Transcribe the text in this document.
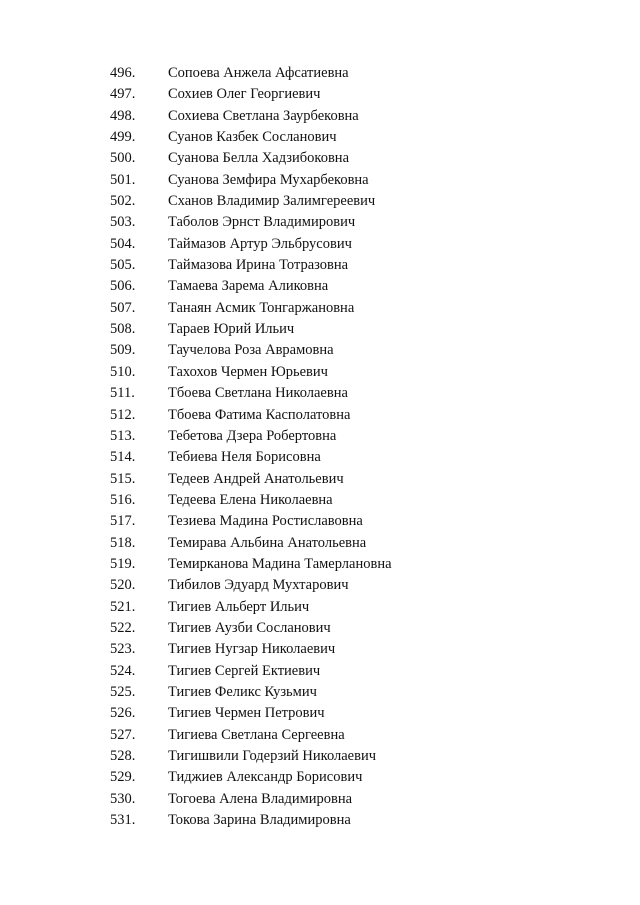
496.	Сопоева Анжела Афсатиевна
497.	Сохиев Олег Георгиевич
498.	Сохиева Светлана Заурбековна
499.	Суанов Казбек Сосланович
500.	Суанова Белла Хадзибоковна
501.	Суанова Земфира Мухарбековна
502.	Сханов Владимир Залимгереевич
503.	Таболов Эрнст Владимирович
504.	Таймазов Артур Эльбрусович
505.	Таймазова Ирина Тотразовна
506.	Тамаева Зарема Аликовна
507.	Танаян Асмик Тонгаржановна
508.	Тараев Юрий Ильич
509.	Таучелова Роза Аврамовна
510.	Тахохов Чермен Юрьевич
511.	Тбоева Светлана Николаевна
512.	Тбоева Фатима Касполатовна
513.	Тебетова Дзера Робертовна
514.	Тебиева Неля Борисовна
515.	Тедеев Андрей Анатольевич
516.	Тедеева Елена Николаевна
517.	Тезиева Мадина Ростиславовна
518.	Темирава Альбина Анатольевна
519.	Темирканова Мадина Тамерлановна
520.	Тибилов Эдуард Мухтарович
521.	Тигиев Альберт Ильич
522.	Тигиев Аузби Сосланович
523.	Тигиев Нугзар Николаевич
524.	Тигиев Сергей Ектиевич
525.	Тигиев Феликс Кузьмич
526.	Тигиев Чермен Петрович
527.	Тигиева Светлана Сергеевна
528.	Тигишвили Годерзий Николаевич
529.	Тиджиев Александр Борисович
530.	Тогоева Алена Владимировна
531.	Токова Зарина Владимировна
